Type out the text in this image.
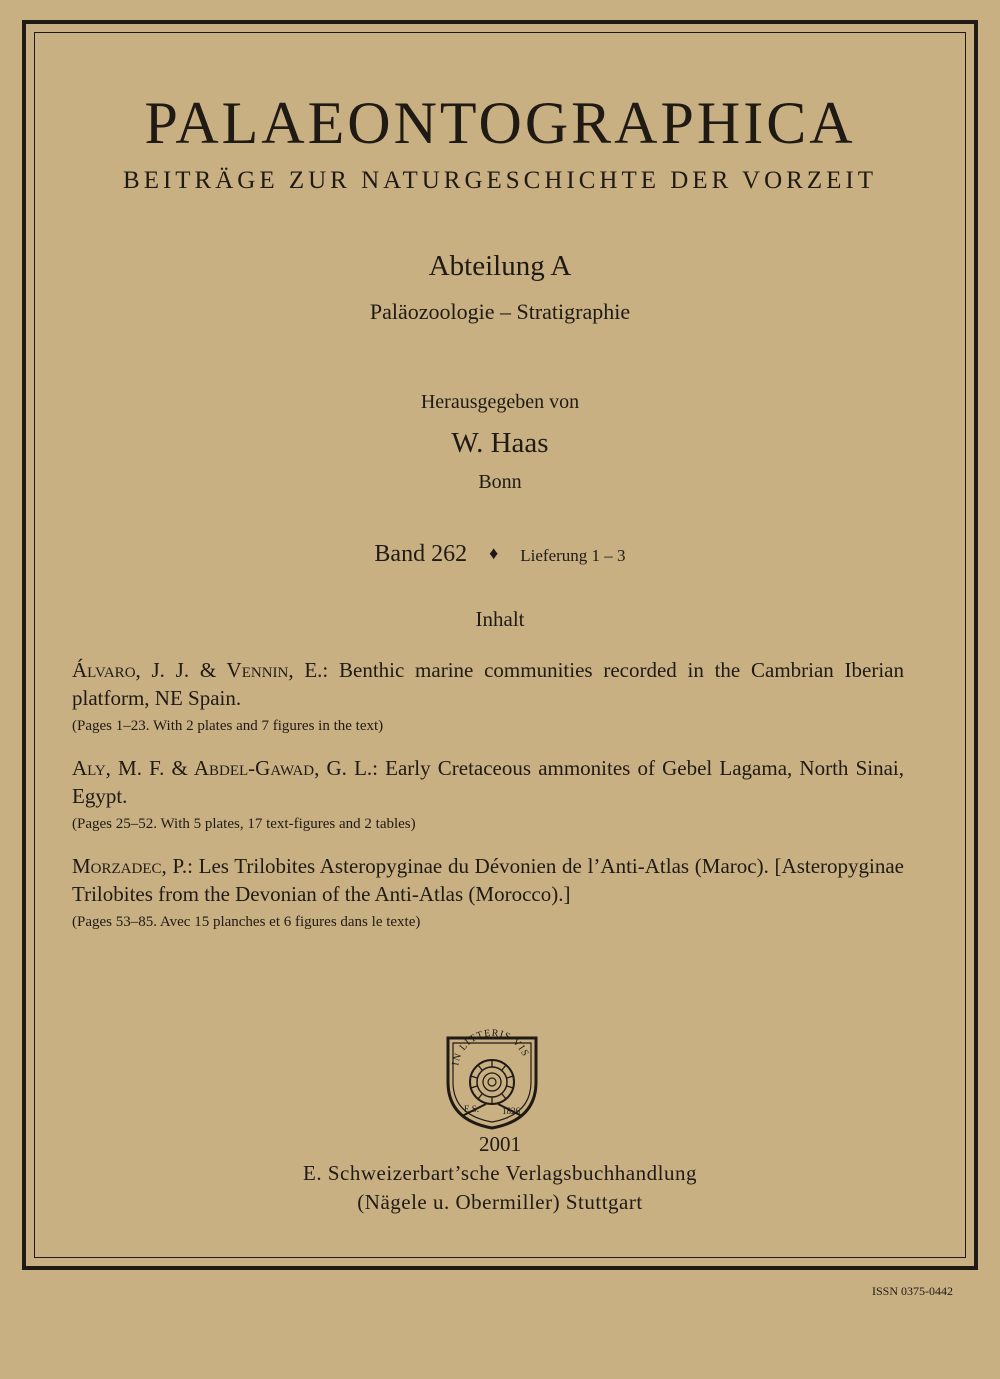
PALAEONTOGRAPHICA
BEITRÄGE ZUR NATURGESCHICHTE DER VORZEIT
Abteilung A
Paläozoologie – Stratigraphie
Herausgegeben von
W. Haas
Bonn
Band 262 ♦ Lieferung 1 – 3
Inhalt

Álvaro, J. J. & Vennin, E.: Benthic marine communities recorded in the Cambrian Iberian platform, NE Spain.

(Pages 1–23. With 2 plates and 7 figures in the text)

Aly, M. F. & Abdel-Gawad, G. L.: Early Cretaceous ammonites of Gebel Lagama, North Sinai, Egypt.

(Pages 25–52. With 5 plates, 17 text-figures and 2 tables)

Morzadec, P.: Les Trilobites Asteropyginae du Dévonien de l’Anti-Atlas (Maroc). [Asteropyginae Trilobites from the Devonian of the Anti-Atlas (Morocco).]

(Pages 53–85. Avec 15 planches et 6 figures dans le texte)

IN LITTERIS VIS
E.S.	1826
2001
E. Schweizerbart’sche Verlagsbuchhandlung
(Nägele u. Obermiller) Stuttgart
ISSN 0375-0442
